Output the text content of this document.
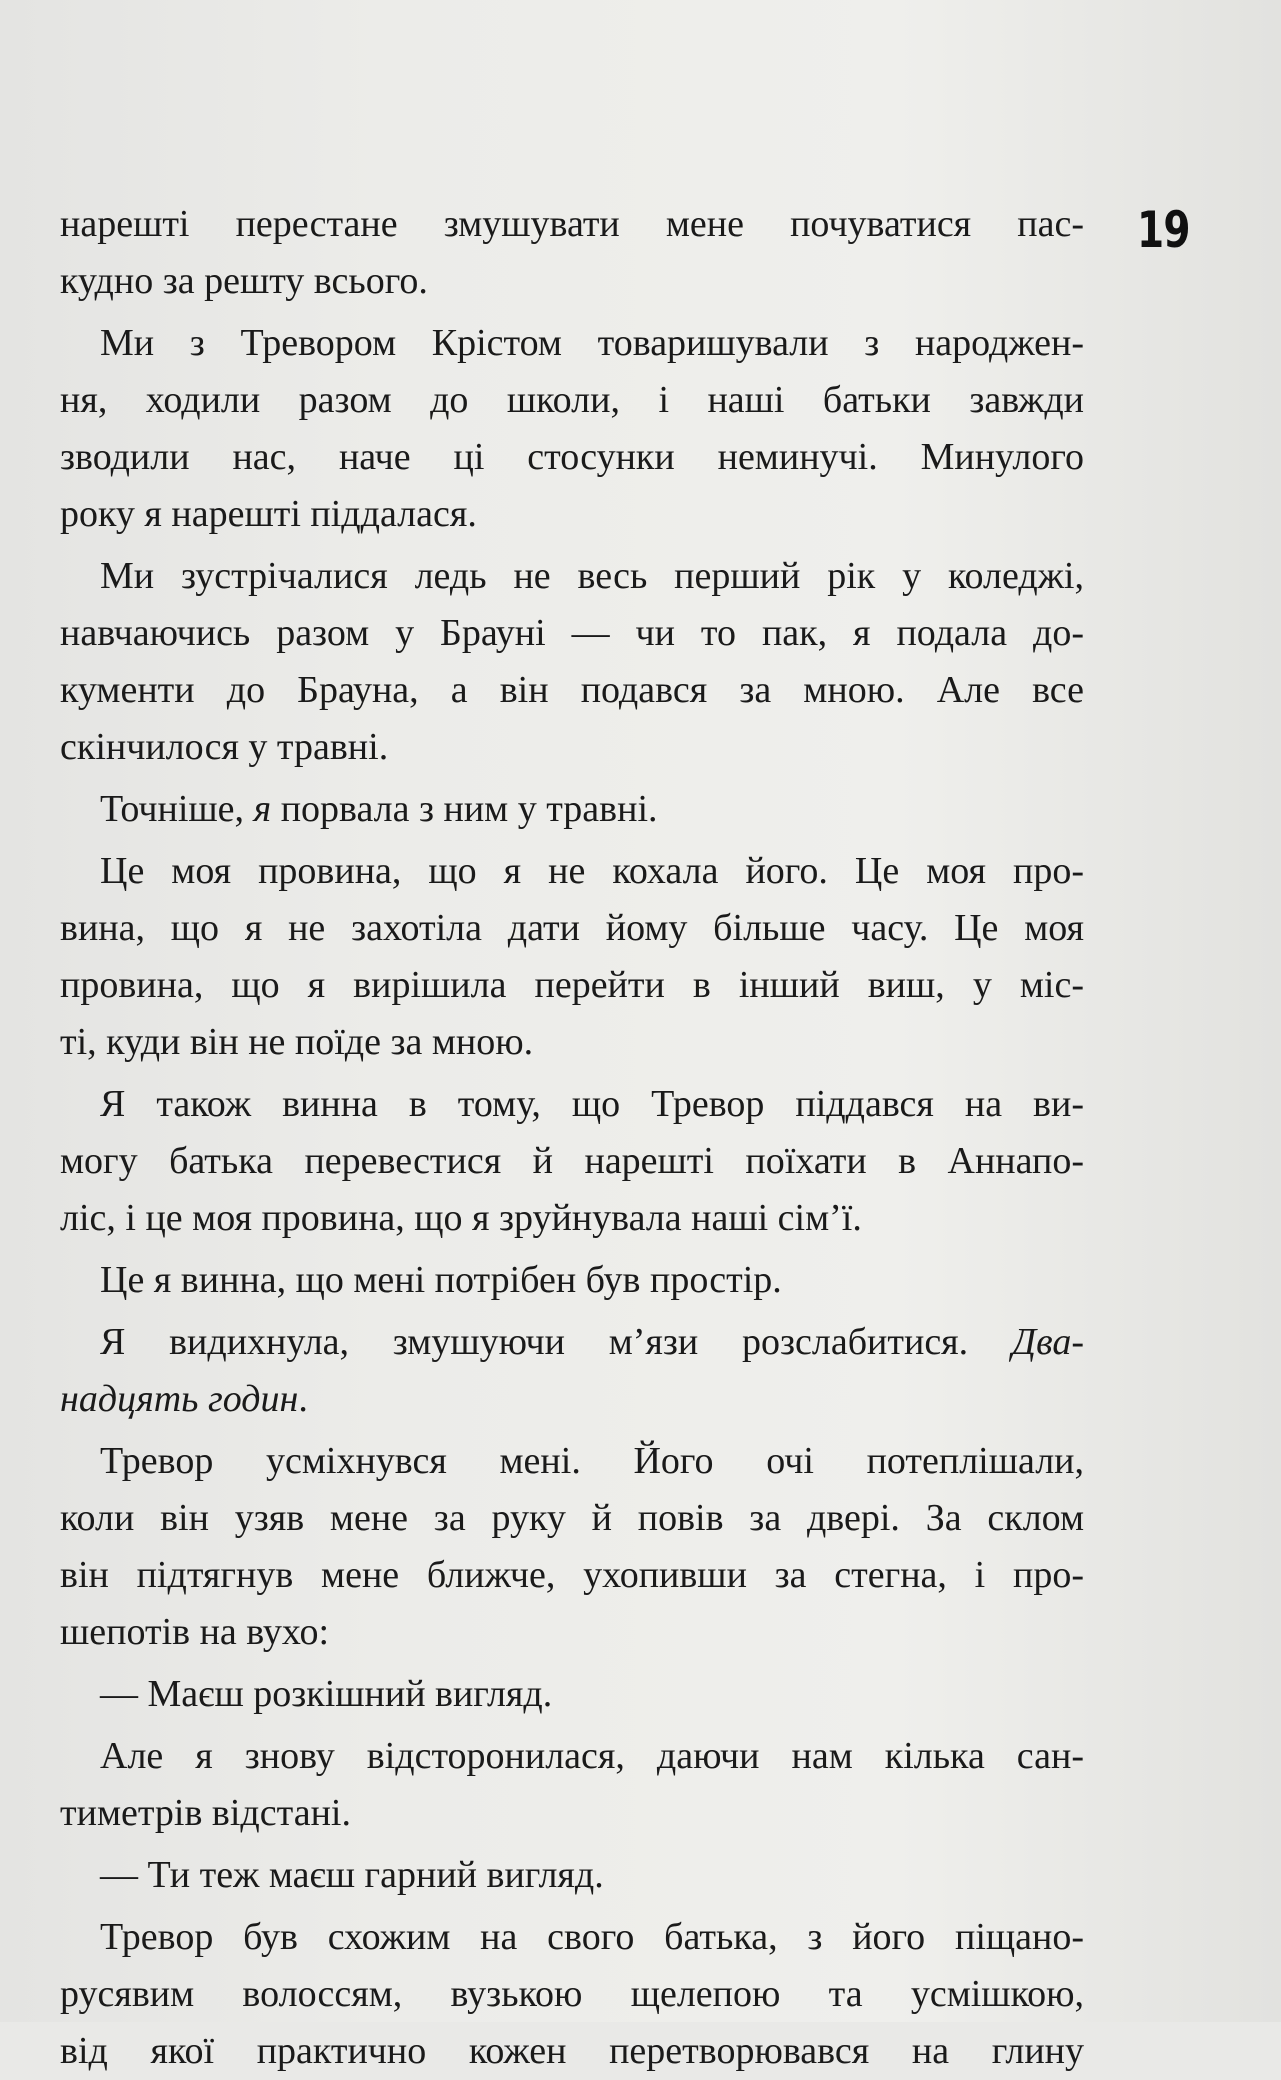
19
нарешті перестане змушувати мене почуватися пас-
кудно за решту всього.
Ми з Тревором Крістом товаришували з народжен-
ня, ходили разом до школи, і наші батьки завжди
зводили нас, наче ці стосунки неминучі. Минулого
року я нарешті піддалася.
Ми зустрічалися ледь не весь перший рік у коледжі,
навчаючись разом у Брауні — чи то пак, я подала до-
кументи до Брауна, а він подався за мною. Але все
скінчилося у травні.
Точніше, я порвала з ним у травні.
Це моя провина, що я не кохала його. Це моя про-
вина, що я не захотіла дати йому більше часу. Це моя
провина, що я вирішила перейти в інший виш, у міс-
ті, куди він не поїде за мною.
Я також винна в тому, що Тревор піддався на ви-
могу батька перевестися й нарешті поїхати в Аннапо-
ліс, і це моя провина, що я зруйнувала наші сім’ї.
Це я винна, що мені потрібен був простір.
Я видихнула, змушуючи м’язи розслабитися. Два-
надцять годин.
Тревор усміхнувся мені. Його очі потеплішали,
коли він узяв мене за руку й повів за двері. За склом
він підтягнув мене ближче, ухопивши за стегна, і про-
шепотів на вухо:
— Маєш розкішний вигляд.
Але я знову відсторонилася, даючи нам кілька сан-
тиметрів відстані.
— Ти теж маєш гарний вигляд.
Тревор був схожим на свого батька, з його піщано-
русявим волоссям, вузькою щелепою та усмішкою,
від якої практично кожен перетворювався на глину
